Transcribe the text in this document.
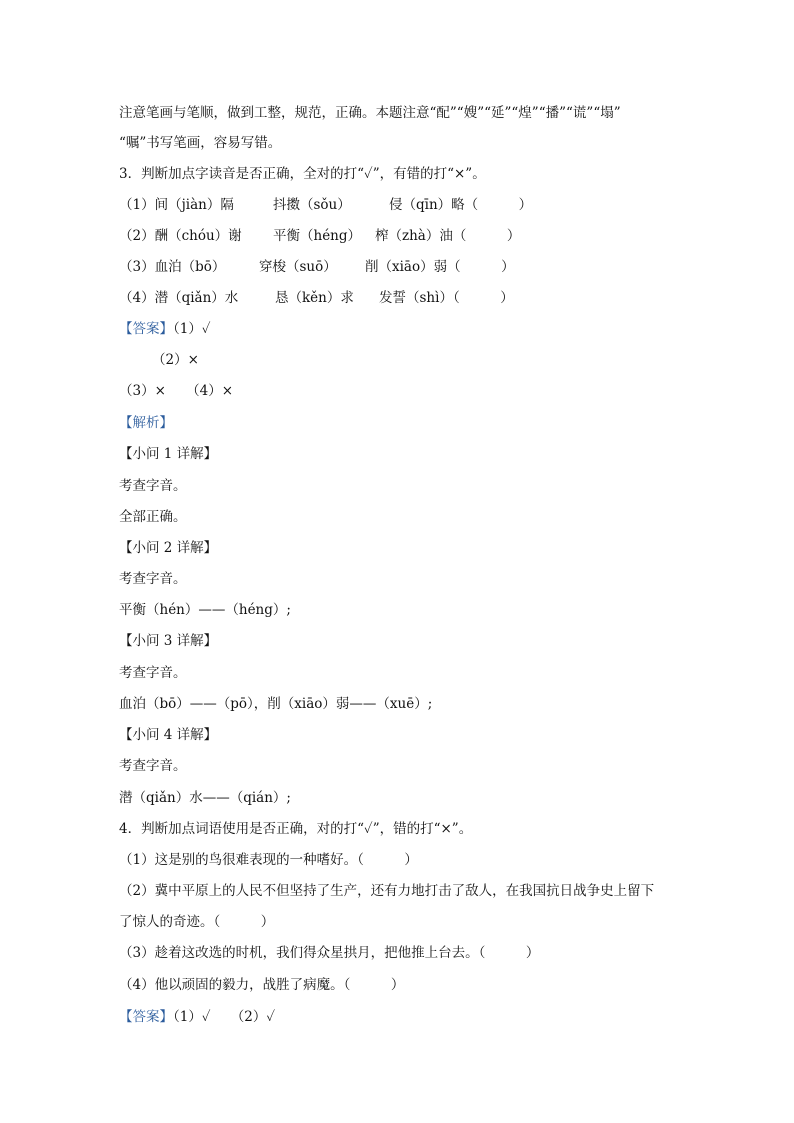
注意笔画与笔顺，做到工整，规范，正确。本题注意“配”“嫂”“延”“煌”“播”“谎”“塌”

“嘱”书写笔画，容易写错。

3．判断加点字读音是否正确，全对的打“✓”，有错的打“×”。

（1）间（jiàn）隔	抖擞（sǒu）	侵（qīn）略（　　　）

（2）酬（chóu）谢 平衡（héng） 榨（zhà）油（　　　）

（3）血泊（bō） 穿梭（suō） 削（xiāo）弱（　　　）

（4）潜（qiǎn）水	恳（kěn）求 发誓（shì）（　　　）

【答案】（1）✓

（2）×

（3）×　　（4）×

【解析】

【小问 1 详解】

考查字音。

全部正确。

【小问 2 详解】

考查字音。

平衡（hén）——（héng）;

【小问 3 详解】

考查字音。

血泊（bō）——（pō），削（xiāo）弱——（xuē）;

【小问 4 详解】

考查字音。

潜（qiǎn）水——（qián）;

4．判断加点词语使用是否正确，对的打“✓”，错的打“×”。

（1）这是别的鸟很难表现的一种嗜好。（　　　）

（2）冀中平原上的人民不但坚持了生产，还有力地打击了敌人，在我国抗日战争史上留下

了惊人的奇迹。（　　　）

（3）趁着这改选的时机，我们得众星拱月，把他推上台去。（　　　）

（4）他以顽固的毅力，战胜了病魔。（　　　）

【答案】（1）✓　　（2）✓
